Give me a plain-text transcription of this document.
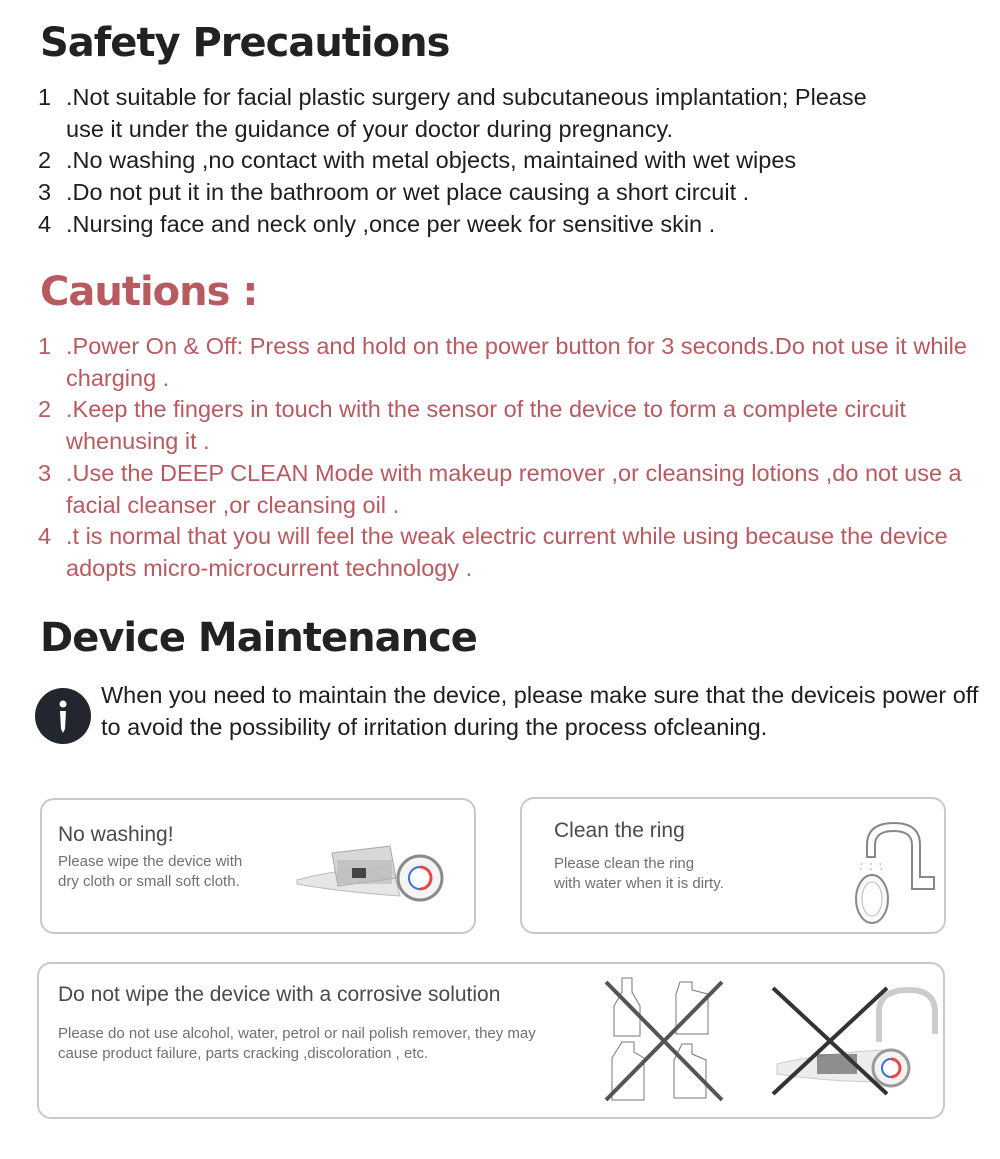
Safety Precautions
1 .Not suitable for facial plastic surgery and subcutaneous implantation; Please use it under the guidance of your doctor during pregnancy.
2 .No washing ,no contact with metal objects, maintained with wet wipes
3 .Do not put it in the bathroom or wet place causing a short circuit .
4 .Nursing face and neck only ,once per week for sensitive skin .
Cautions :
1 .Power On & Off: Press and hold on the power button for 3 seconds.Do not use it while charging .
2 .Keep the fingers in touch with the sensor of the device to form a complete circuit whenusing it .
3 .Use the DEEP CLEAN Mode with makeup remover ,or cleansing lotions ,do not use a facial cleanser ,or cleansing oil .
4 .t is normal that you will feel the weak electric current while using because the device adopts micro-microcurrent technology .
Device Maintenance

When you need to maintain the device, please make sure that the deviceis power off to avoid the possibility of irritation during the process ofcleaning.

No washing!

Please wipe the device with dry cloth or small soft cloth.

Clean the ring

Please clean the ring with water when it is dirty.

Do not wipe the device with a corrosive solution

Please do not use alcohol, water, petrol or nail polish remover, they may cause product failure, parts cracking ,discoloration , etc.
